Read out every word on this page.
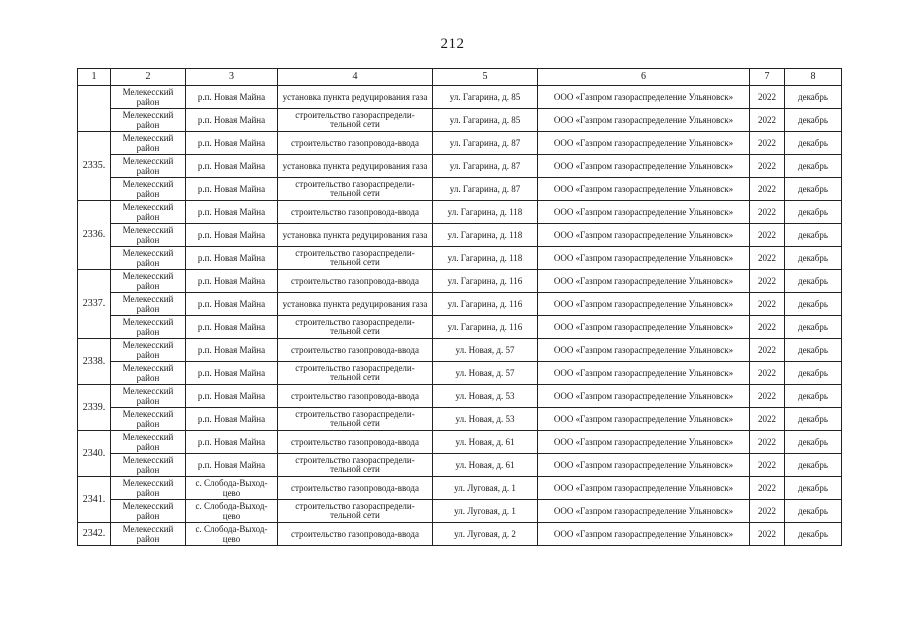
212
1	2	3	4	5	6	7	8
	Мелекесский район	р.п. Новая Майна	установка пункта редуцирования газа	ул. Гагарина, д. 85	ООО «Газпром газораспределение Ульяновск»	2022	декабрь
	Мелекесский район	р.п. Новая Майна	строительство газораспредели-тельной сети	ул. Гагарина, д. 85	ООО «Газпром газораспределение Ульяновск»	2022	декабрь
2335.	Мелекесский район	р.п. Новая Майна	строительство газопровода-ввода	ул. Гагарина, д. 87	ООО «Газпром газораспределение Ульяновск»	2022	декабрь
	Мелекесский район	р.п. Новая Майна	установка пункта редуцирования газа	ул. Гагарина, д. 87	ООО «Газпром газораспределение Ульяновск»	2022	декабрь
	Мелекесский район	р.п. Новая Майна	строительство газораспредели-тельной сети	ул. Гагарина, д. 87	ООО «Газпром газораспределение Ульяновск»	2022	декабрь
2336.	Мелекесский район	р.п. Новая Майна	строительство газопровода-ввода	ул. Гагарина, д. 118	ООО «Газпром газораспределение Ульяновск»	2022	декабрь
	Мелекесский район	р.п. Новая Майна	установка пункта редуцирования газа	ул. Гагарина, д. 118	ООО «Газпром газораспределение Ульяновск»	2022	декабрь
	Мелекесский район	р.п. Новая Майна	строительство газораспредели-тельной сети	ул. Гагарина, д. 118	ООО «Газпром газораспределение Ульяновск»	2022	декабрь
2337.	Мелекесский район	р.п. Новая Майна	строительство газопровода-ввода	ул. Гагарина, д. 116	ООО «Газпром газораспределение Ульяновск»	2022	декабрь
	Мелекесский район	р.п. Новая Майна	установка пункта редуцирования газа	ул. Гагарина, д. 116	ООО «Газпром газораспределение Ульяновск»	2022	декабрь
	Мелекесский район	р.п. Новая Майна	строительство газораспредели-тельной сети	ул. Гагарина, д. 116	ООО «Газпром газораспределение Ульяновск»	2022	декабрь
2338.	Мелекесский район	р.п. Новая Майна	строительство газопровода-ввода	ул. Новая, д. 57	ООО «Газпром газораспределение Ульяновск»	2022	декабрь
	Мелекесский район	р.п. Новая Майна	строительство газораспредели-тельной сети	ул. Новая, д. 57	ООО «Газпром газораспределение Ульяновск»	2022	декабрь
2339.	Мелекесский район	р.п. Новая Майна	строительство газопровода-ввода	ул. Новая, д. 53	ООО «Газпром газораспределение Ульяновск»	2022	декабрь
	Мелекесский район	р.п. Новая Майна	строительство газораспредели-тельной сети	ул. Новая, д. 53	ООО «Газпром газораспределение Ульяновск»	2022	декабрь
2340.	Мелекесский район	р.п. Новая Майна	строительство газопровода-ввода	ул. Новая, д. 61	ООО «Газпром газораспределение Ульяновск»	2022	декабрь
	Мелекесский район	р.п. Новая Майна	строительство газораспредели-тельной сети	ул. Новая, д. 61	ООО «Газпром газораспределение Ульяновск»	2022	декабрь
2341.	Мелекесский район	с. Слобода-Выход-цево	строительство газопровода-ввода	ул. Луговая, д. 1	ООО «Газпром газораспределение Ульяновск»	2022	декабрь
	Мелекесский район	с. Слобода-Выход-цево	строительство газораспредели-тельной сети	ул. Луговая, д. 1	ООО «Газпром газораспределение Ульяновск»	2022	декабрь
2342.	Мелекесский район	с. Слобода-Выход-цево	строительство газопровода-ввода	ул. Луговая, д. 2	ООО «Газпром газораспределение Ульяновск»	2022	декабрь
